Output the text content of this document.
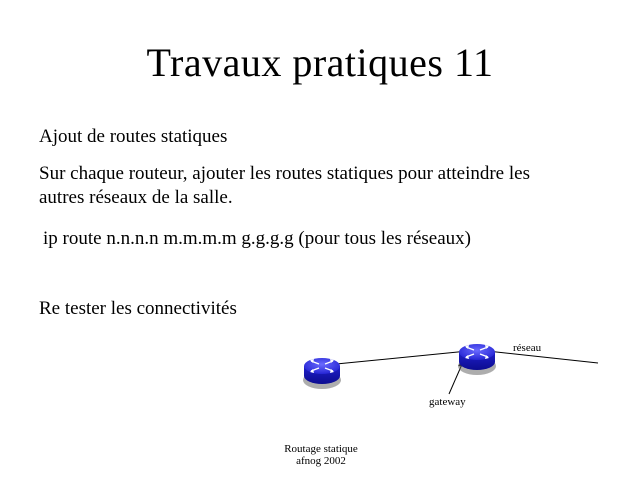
Travaux pratiques 11

Ajout de routes statiques

Sur chaque routeur, ajouter les routes statiques pour atteindre les

autres réseaux de la salle.

ip route n.n.n.n m.m.m.m g.g.g.g (pour tous les réseaux)

Re tester les connectivités

réseau
gateway
Routage statique
afnog 2002
